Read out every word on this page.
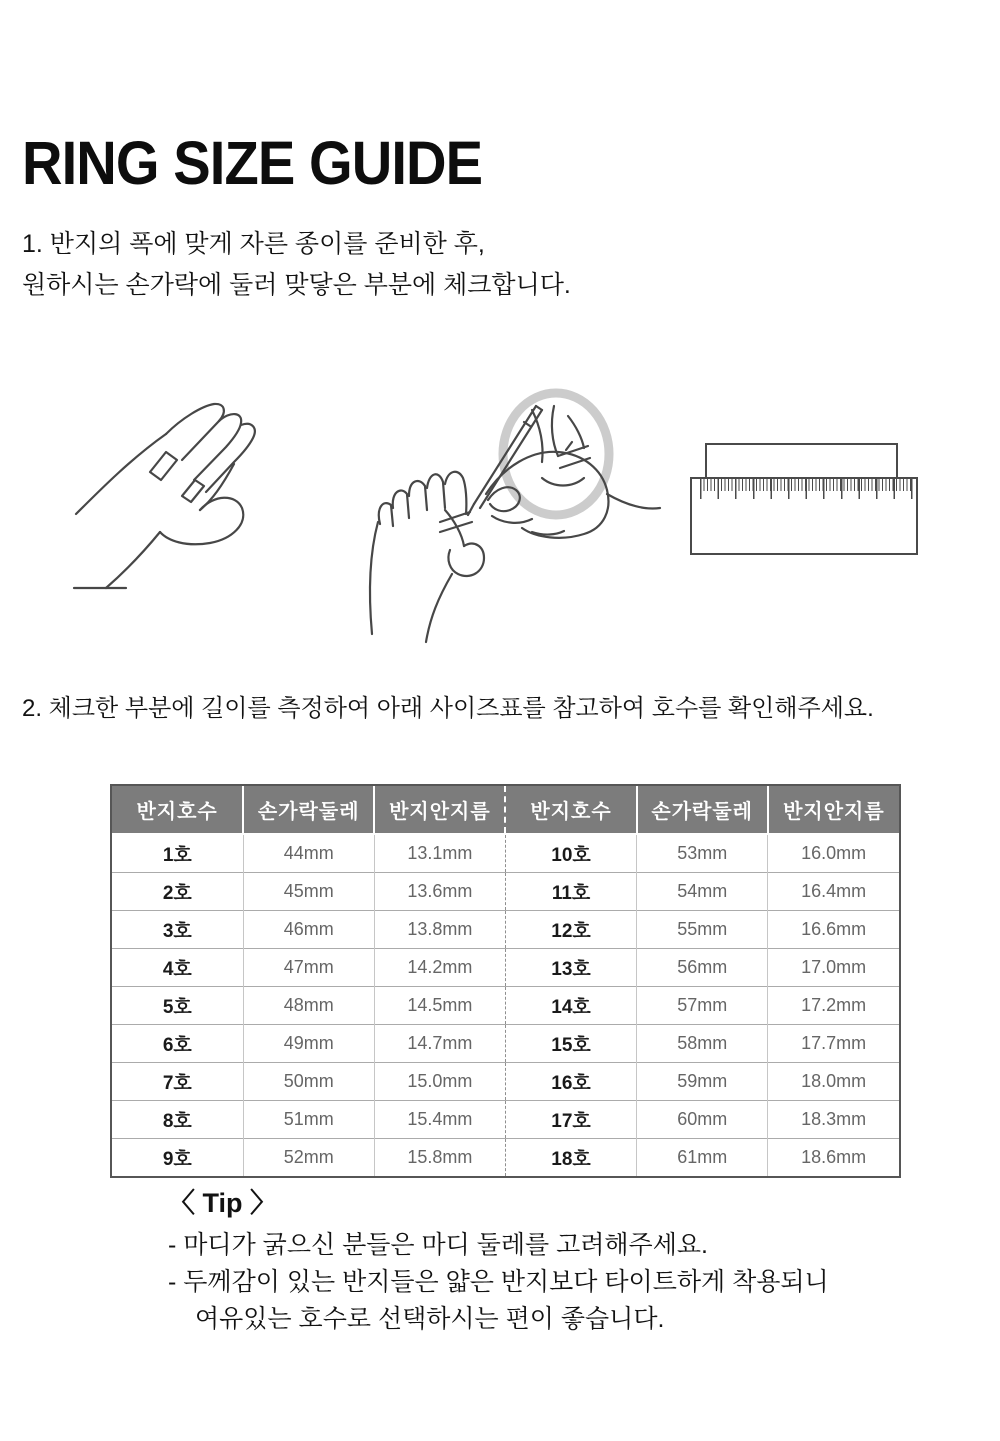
RING SIZE GUIDE
1. 반지의 폭에 맞게 자른 종이를 준비한 후,
원하시는 손가락에 둘러 맞닿은 부분에 체크합니다.
2. 체크한 부분에 길이를 측정하여 아래 사이즈표를 참고하여 호수를 확인해주세요.
반지호수	손가락둘레	반지안지름	반지호수	손가락둘레	반지안지름
1호	44mm	13.1mm	10호	53mm	16.0mm
2호	45mm	13.6mm	11호	54mm	16.4mm
3호	46mm	13.8mm	12호	55mm	16.6mm
4호	47mm	14.2mm	13호	56mm	17.0mm
5호	48mm	14.5mm	14호	57mm	17.2mm
6호	49mm	14.7mm	15호	58mm	17.7mm
7호	50mm	15.0mm	16호	59mm	18.0mm
8호	51mm	15.4mm	17호	60mm	18.3mm
9호	52mm	15.8mm	18호	61mm	18.6mm
〈 Tip 〉
- 마디가 굵으신 분들은 마디 둘레를 고려해주세요.
- 두께감이 있는 반지들은 얇은 반지보다 타이트하게 착용되니
여유있는 호수로 선택하시는 편이 좋습니다.
